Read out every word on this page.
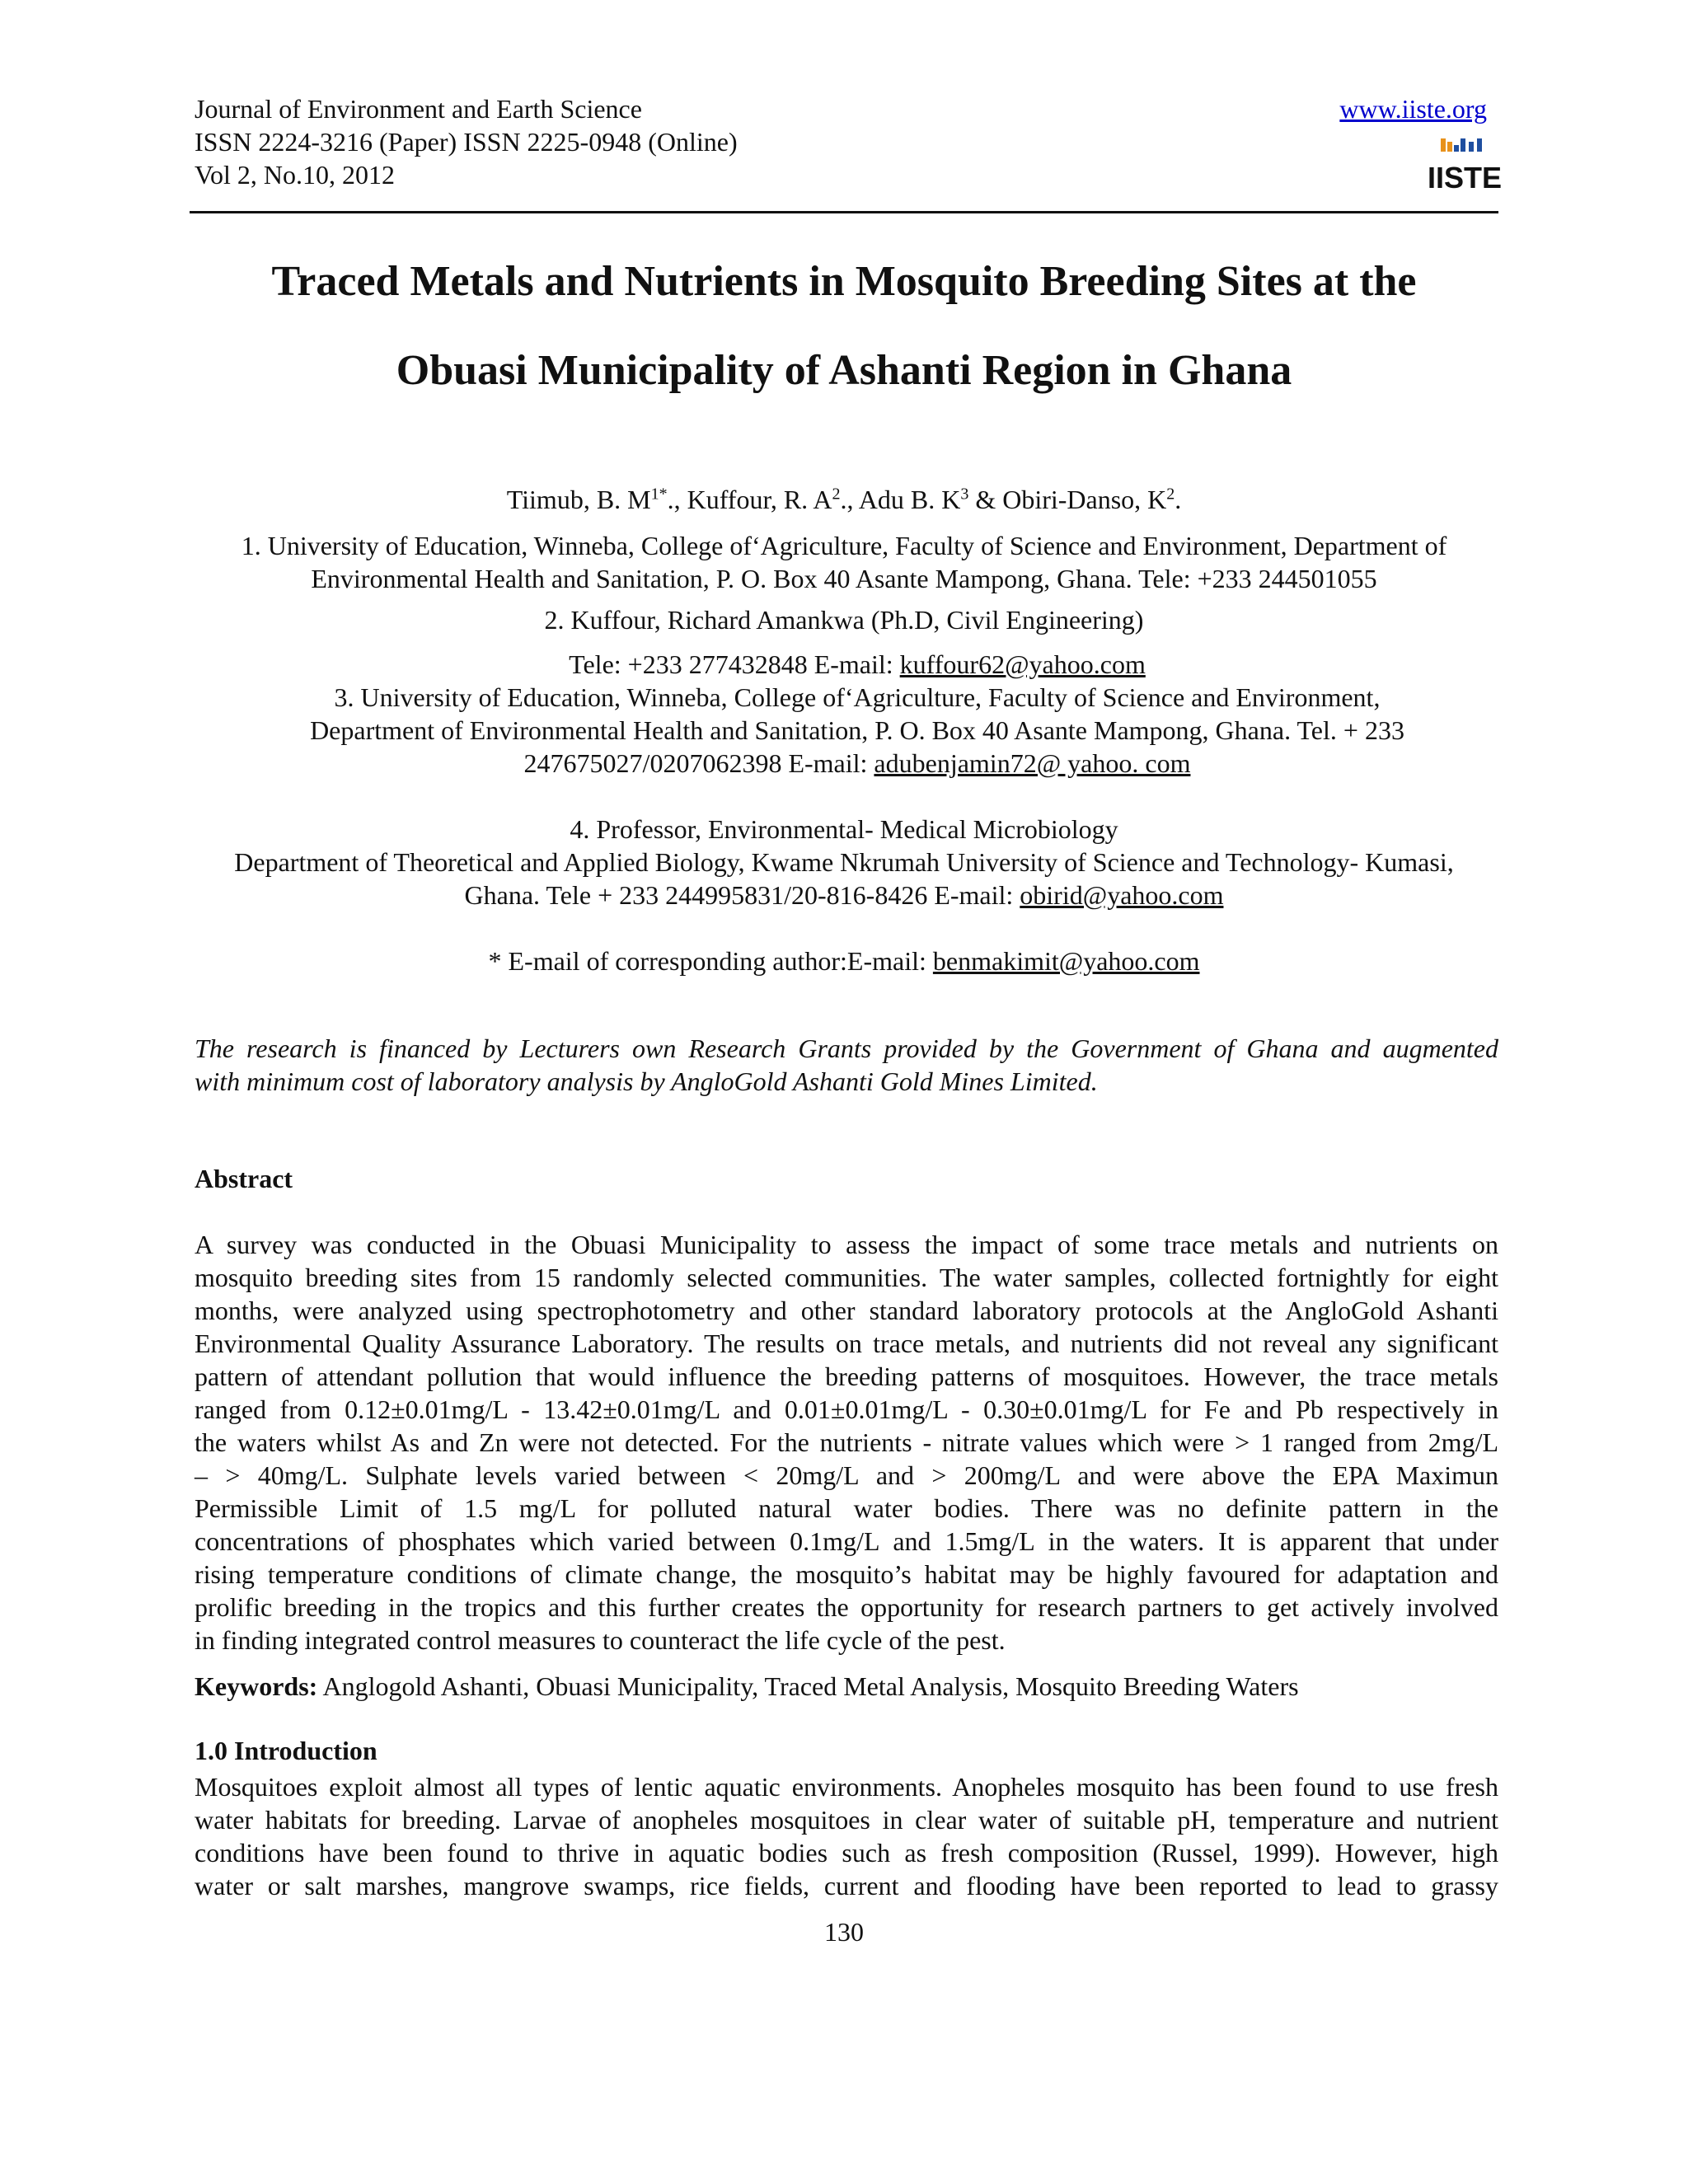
Journal of Environment and Earth Science
ISSN 2224-3216 (Paper) ISSN 2225-0948 (Online)
Vol 2, No.10, 2012
www.iiste.org
IISTE
Traced Metals and Nutrients in Mosquito Breeding Sites at the
Obuasi Municipality of Ashanti Region in Ghana
Tiimub, B. $M^{1*}$., Kuffour, R. $A^2$., Adu B. $K^3$ & Obiri-Danso, $K^2$.
1. University of Education, Winneba, College of‘Agriculture, Faculty of Science and Environment, Department of
Environmental Health and Sanitation, P. O. Box 40 Asante Mampong, Ghana. Tele: +233 244501055
2. Kuffour, Richard Amankwa (Ph.D, Civil Engineering)
Tele: +233 277432848 E-mail: kuffour62@yahoo.com
3. University of Education, Winneba, College of‘Agriculture, Faculty of Science and Environment,
Department of Environmental Health and Sanitation, P. O. Box 40 Asante Mampong, Ghana. Tel. + 233
247675027/0207062398 E-mail: adubenjamin72@ yahoo. com
4. Professor, Environmental- Medical Microbiology
Department of Theoretical and Applied Biology, Kwame Nkrumah University of Science and Technology- Kumasi,
Ghana. Tele + 233 244995831/20-816-8426 E-mail: obirid@yahoo.com
* E-mail of corresponding author:E-mail: benmakimit@yahoo.com
The research is financed by Lecturers own Research Grants provided by the Government of Ghana and augmented
with minimum cost of laboratory analysis by AngloGold Ashanti Gold Mines Limited.
Abstract
A survey was conducted in the Obuasi Municipality to assess the impact of some trace metals and nutrients on
mosquito breeding sites from 15 randomly selected communities. The water samples, collected fortnightly for eight
months, were analyzed using spectrophotometry and other standard laboratory protocols at the AngloGold Ashanti
Environmental Quality Assurance Laboratory. The results on trace metals, and nutrients did not reveal any significant
pattern of attendant pollution that would influence the breeding patterns of mosquitoes. However, the trace metals
ranged from 0.12±0.01mg/L - 13.42±0.01mg/L and 0.01±0.01mg/L - 0.30±0.01mg/L for Fe and Pb respectively in
the waters whilst As and Zn were not detected. For the nutrients - nitrate values which were > 1 ranged from 2mg/L
– > 40mg/L. Sulphate levels varied between < 20mg/L and > 200mg/L and were above the EPA Maximun
Permissible Limit of 1.5 mg/L for polluted natural water bodies. There was no definite pattern in the
concentrations of phosphates which varied between 0.1mg/L and 1.5mg/L in the waters. It is apparent that under
rising temperature conditions of climate change, the mosquito’s habitat may be highly favoured for adaptation and
prolific breeding in the tropics and this further creates the opportunity for research partners to get actively involved
in finding integrated control measures to counteract the life cycle of the pest.
Keywords: Anglogold Ashanti, Obuasi Municipality, Traced Metal Analysis, Mosquito Breeding Waters
1.0 Introduction
Mosquitoes exploit almost all types of lentic aquatic environments. Anopheles mosquito has been found to use fresh
water habitats for breeding. Larvae of anopheles mosquitoes in clear water of suitable pH, temperature and nutrient
conditions have been found to thrive in aquatic bodies such as fresh composition (Russel, 1999). However, high
water or salt marshes, mangrove swamps, rice fields, current and flooding have been reported to lead to grassy
130
